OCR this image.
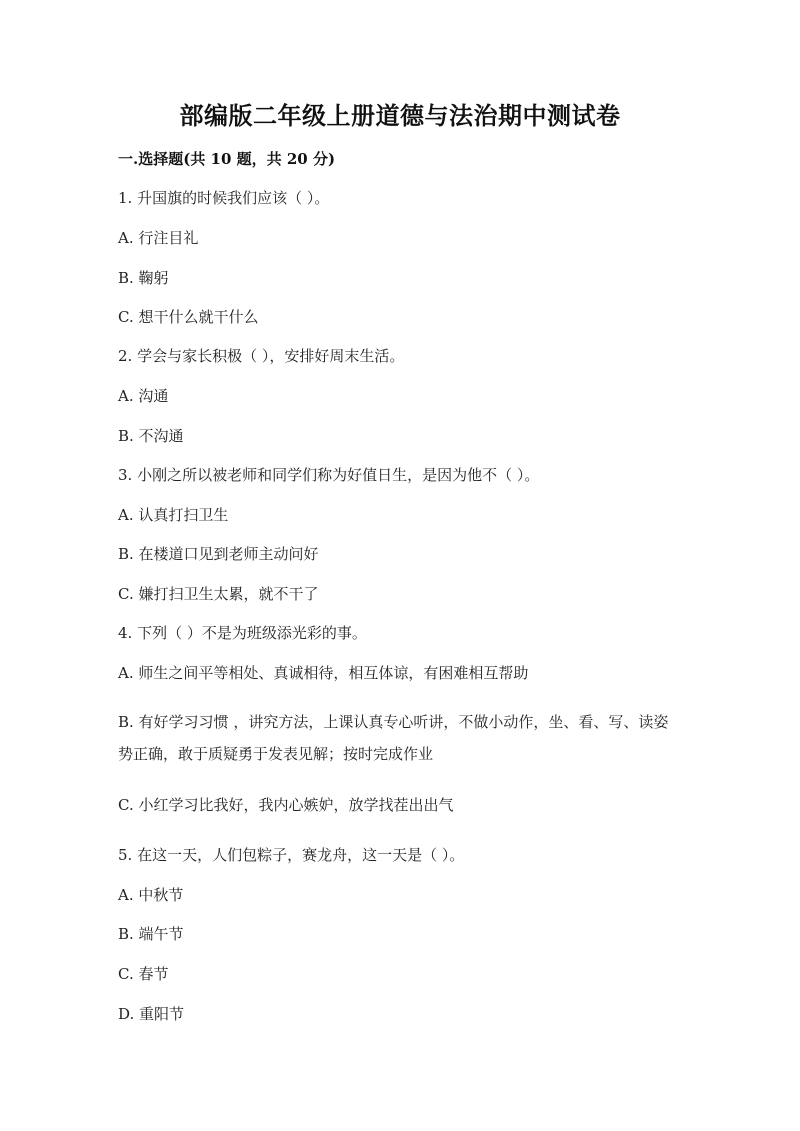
部编版二年级上册道德与法治期中测试卷
一.选择题(共 10 题，共 20 分)
1. 升国旗的时候我们应该（ ）。
A. 行注目礼
B. 鞠躬
C. 想干什么就干什么
2. 学会与家长积极（ ），安排好周末生活。
A. 沟通
B. 不沟通
3. 小刚之所以被老师和同学们称为好值日生，是因为他不（ ）。
A. 认真打扫卫生
B. 在楼道口见到老师主动问好
C. 嫌打扫卫生太累，就不干了
4. 下列（ ）不是为班级添光彩的事。
A. 师生之间平等相处、真诚相待，相互体谅，有困难相互帮助
B. 有好学习习惯 ，讲究方法，上课认真专心听讲，不做小动作，坐、看、写、读姿势正确，敢于质疑勇于发表见解；按时完成作业
C. 小红学习比我好，我内心嫉妒，放学找茬出出气
5. 在这一天，人们包粽子，赛龙舟，这一天是（ ）。
A. 中秋节
B. 端午节
C. 春节
D. 重阳节
